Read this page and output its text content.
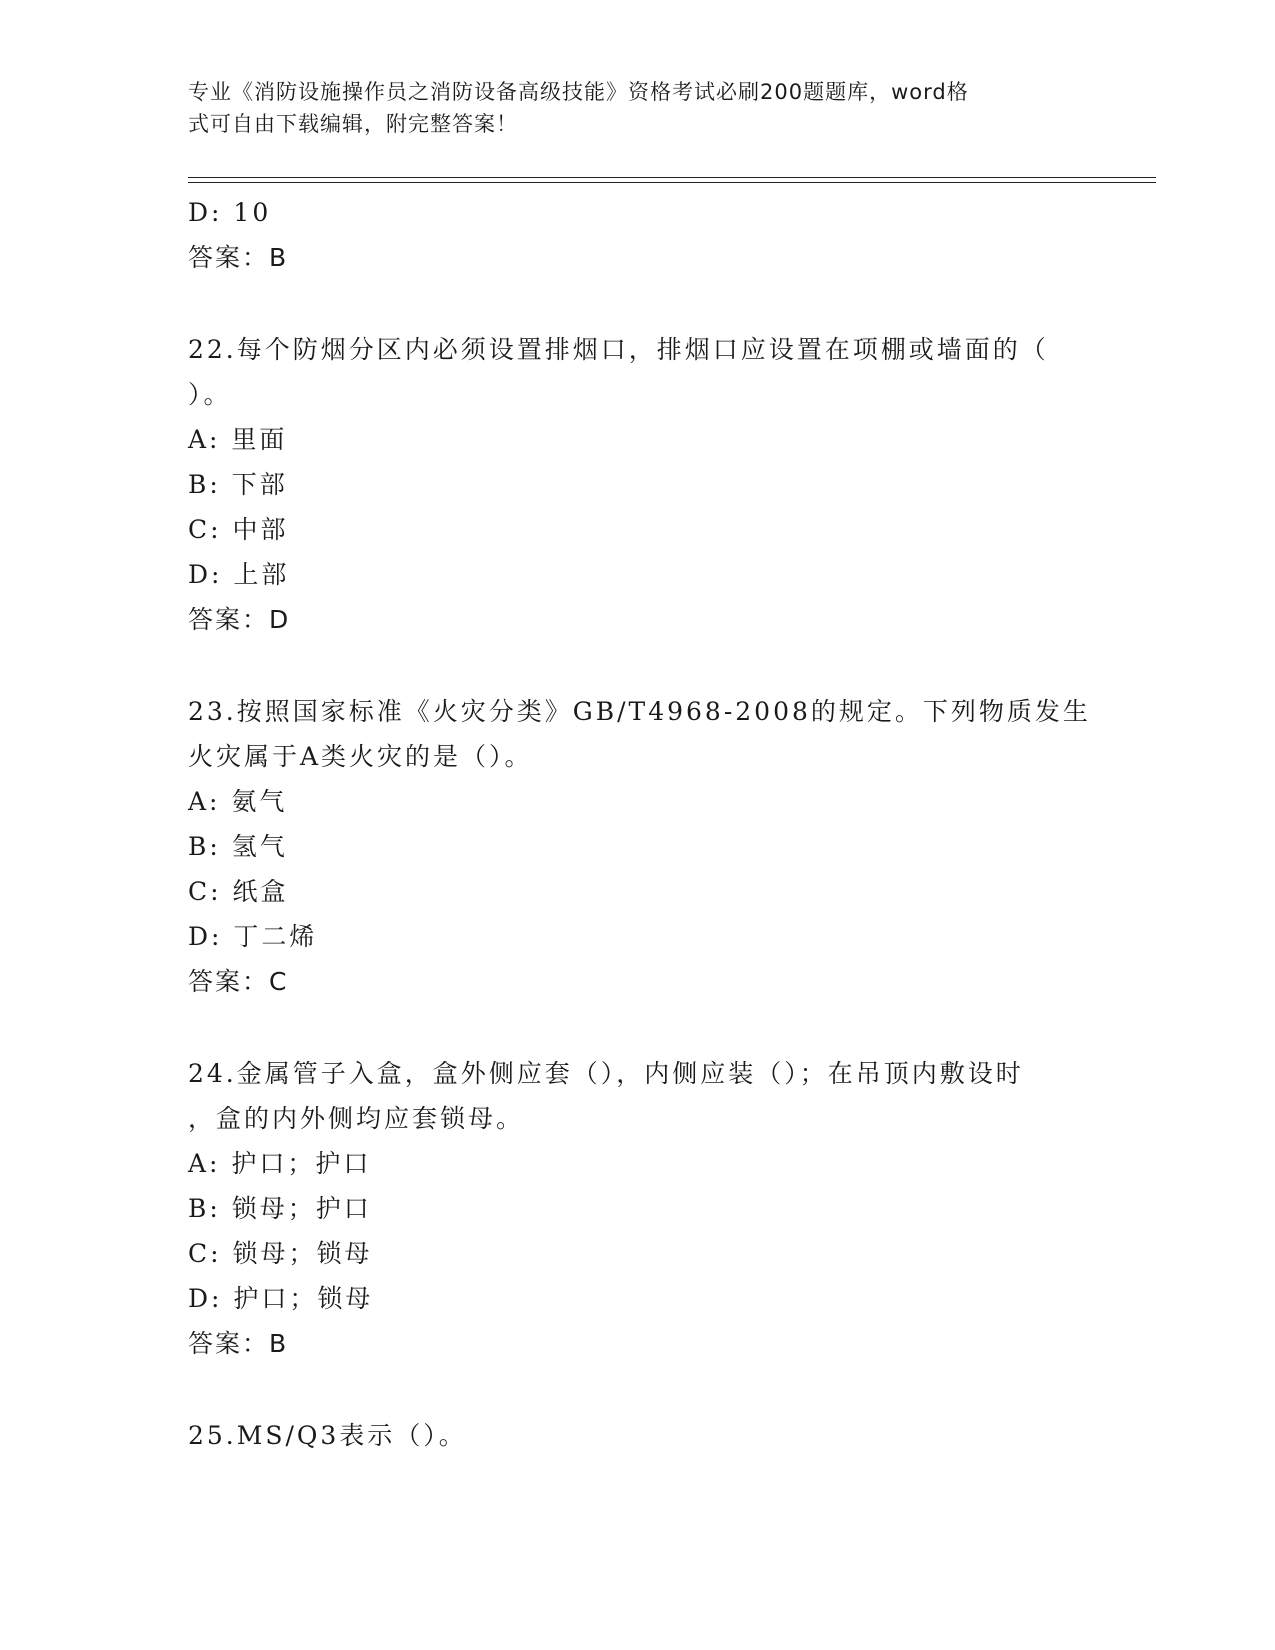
专业《消防设施操作员之消防设备高级技能》资格考试必刷200题题库，word格
式可自由下载编辑，附完整答案！
D: 10
答案：B
22.每个防烟分区内必须设置排烟口，排烟口应设置在项棚或墙面的（
）。
A: 里面
B: 下部
C: 中部
D: 上部
答案：D
23.按照国家标准《火灾分类》GB/T4968-2008的规定。下列物质发生
火灾属于A类火灾的是（）。
A: 氨气
B: 氢气
C: 纸盒
D: 丁二烯
答案：C
24.金属管子入盒，盒外侧应套（），内侧应装（）；在吊顶内敷设时
，盒的内外侧均应套锁母。
A: 护口；护口
B: 锁母；护口
C: 锁母；锁母
D: 护口；锁母
答案：B
25.MS/Q3表示（）。
